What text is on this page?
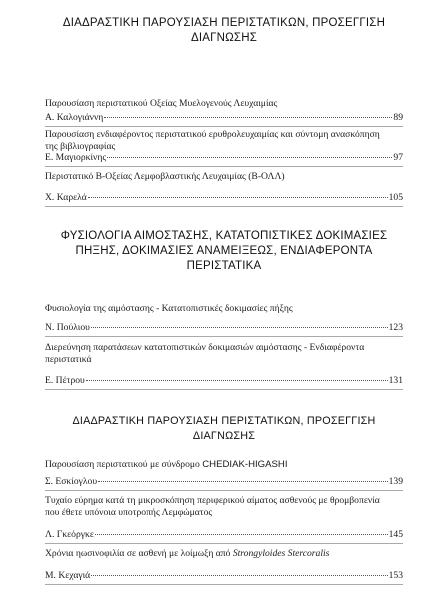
ΔΙΑΔΡΑΣΤΙΚΗ ΠΑΡΟΥΣΙΑΣΗ ΠΕΡΙΣΤΑΤΙΚΩΝ, ΠΡΟΣΕΓΓΙΣΗ
ΔΙΑΓΝΩΣΗΣ
Παρουσίαση περιστατικού Οξείας Μυελογενούς Λευχαιμίας
Α. Καλογιάννη	89
Παρουσίαση ενδιαφέροντος περιστατικού ερυθρολευχαιμίας και σύντομη ανασκόπηση
της βιβλιογραφίας
Ε. Μαγιορκίνης	97
Περιστατικό Β-Οξείας Λεμφοβλαστικής Λευχαιμίας (Β-ΟΛΛ)
Χ. Καρελά	105
ΦΥΣΙΟΛΟΓΙΑ ΑΙΜΟΣΤΑΣΗΣ, ΚΑΤΑΤΟΠΙΣΤΙΚΕΣ ΔΟΚΙΜΑΣΙΕΣ
ΠΗΞΗΣ, ΔΟΚΙΜΑΣΙΕΣ ΑΝΑΜΕΙΞΕΩΣ, ΕΝΔΙΑΦΕΡΟΝΤΑ
ΠΕΡΙΣΤΑΤΙΚΑ
Φυσιολογία της αιμόστασης - Κατατοπιστικές δοκιμασίες πήξης
Ν. Πούλιου	123
Διερεύνηση παρατάσεων κατατοπιστικών δοκιμασιών αιμόστασης - Ενδιαφέροντα
περιστατικά
Ε. Πέτρου	131
ΔΙΑΔΡΑΣΤΙΚΗ ΠΑΡΟΥΣΙΑΣΗ ΠΕΡΙΣΤΑΤΙΚΩΝ, ΠΡΟΣΕΓΓΙΣΗ ΔΙΑΓΝΩΣΗΣ
Παρουσίαση περιστατικού με σύνδρομο CHEDIAK-HIGASHI
Σ. Εσκίογλου	139
Τυχαίο εύρημα κατά τη μικροσκόπηση περιφερικού αίματος ασθενούς με θρομβοπενία
που έθετε υπόνοια υποτροπής Λεμφώματος
Λ. Γκεόργκε	145
Χρόνια ηωσινοφιλία σε ασθενή με λοίμωξη από Strongyloides Stercoralis
Μ. Κεχαγιά	153
